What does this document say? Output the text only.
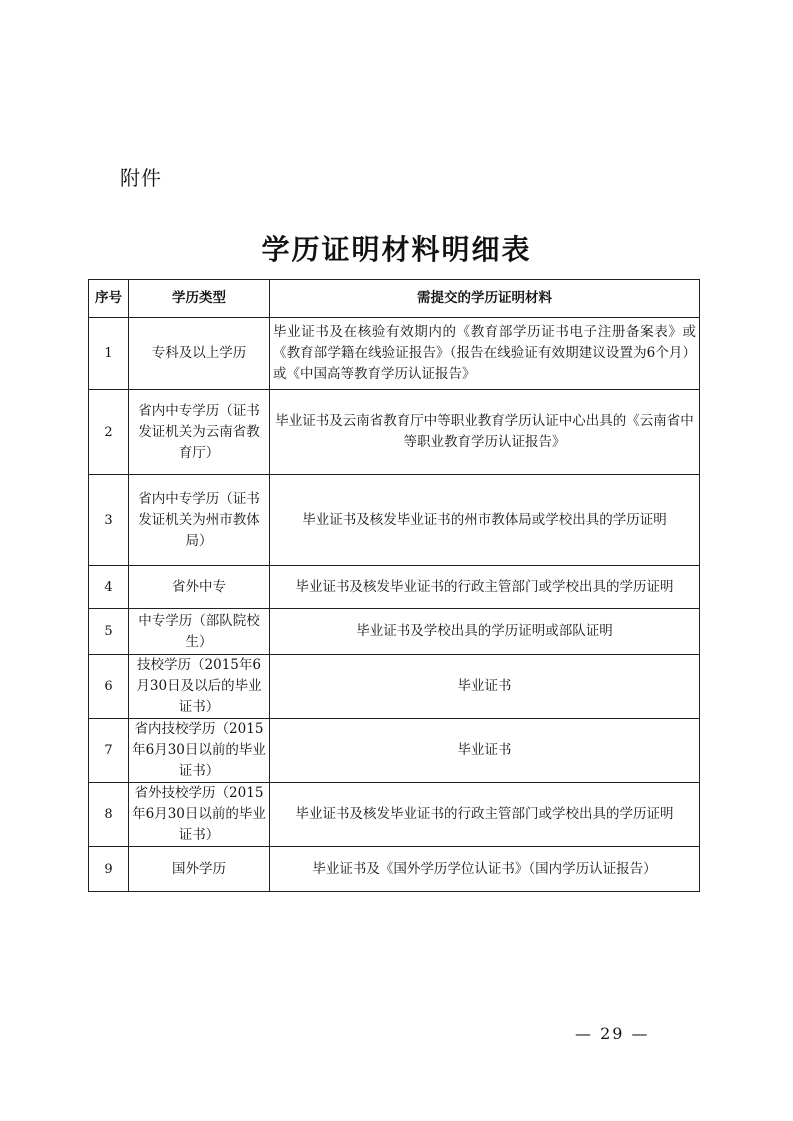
附件
学历证明材料明细表
序号	学历类型	需提交的学历证明材料
1	专科及以上学历	毕业证书及在核验有效期内的《教育部学历证书电子注册备案表》或《教育部学籍在线验证报告》（报告在线验证有效期建议设置为6个月）或《中国高等教育学历认证报告》
2	省内中专学历（证书发证机关为云南省教育厅）	毕业证书及云南省教育厅中等职业教育学历认证中心出具的《云南省中等职业教育学历认证报告》
3	省内中专学历（证书发证机关为州市教体局）	毕业证书及核发毕业证书的州市教体局或学校出具的学历证明
4	省外中专	毕业证书及核发毕业证书的行政主管部门或学校出具的学历证明
5	中专学历（部队院校生）	毕业证书及学校出具的学历证明或部队证明
6	技校学历（2015年6月30日及以后的毕业证书）	毕业证书
7	省内技校学历（2015年6月30日以前的毕业证书）	毕业证书
8	省外技校学历（2015年6月30日以前的毕业证书）	毕业证书及核发毕业证书的行政主管部门或学校出具的学历证明
9	国外学历	毕业证书及《国外学历学位认证书》（国内学历认证报告）
— 29 —
